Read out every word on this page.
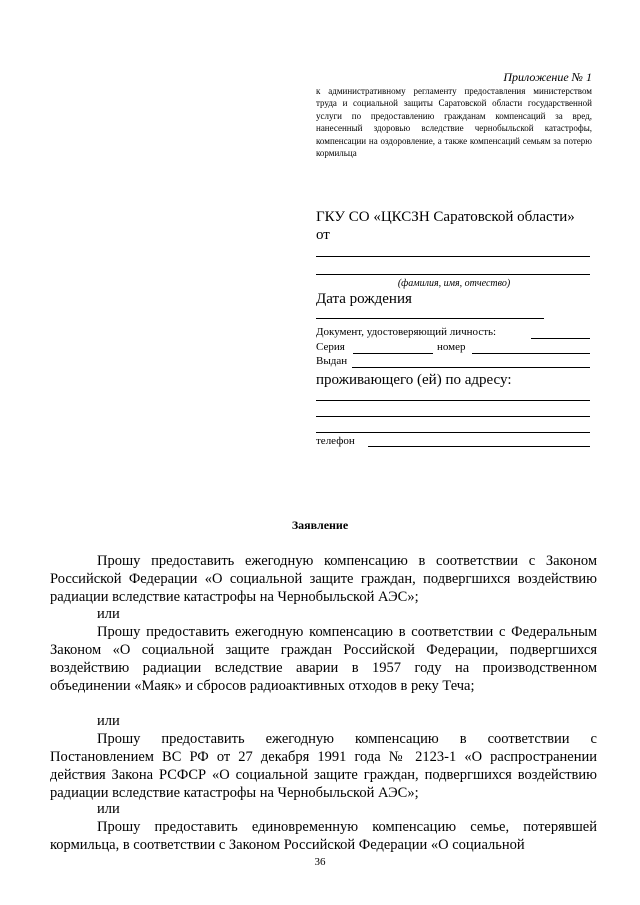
Приложение № 1
к административному регламенту предоставления министерством труда и социальной защиты Саратовской области государственной услуги по предоставлению гражданам компенсаций за вред, нанесенный здоровью вследствие чернобыльской катастрофы, компенсации на оздоровление, а также компенсаций семьям за потерю кормильца
ГКУ СО «ЦКСЗН Саратовской области»
от
(фамилия, имя, отчество)
Дата рождения
Документ, удостоверяющий личность:
Серия	номер
Выдан
проживающего (ей) по адресу:
телефон
Заявление
Прошу предоставить ежегодную компенсацию в соответствии с Законом Российской Федерации «О социальной защите граждан, подвергшихся воздействию радиации вследствие катастрофы на Чернобыльской АЭС»;
или
Прошу предоставить ежегодную компенсацию в соответствии с Федеральным Законом «О социальной защите граждан Российской Федерации, подвергшихся воздействию радиации вследствие аварии в 1957 году на производственном объединении «Маяк» и сбросов радиоактивных отходов в реку Теча;
или
Прошу предоставить ежегодную компенсацию в соответствии с Постановлением ВС РФ от 27 декабря 1991 года № 2123-1 «О распространении действия Закона РСФСР «О социальной защите граждан, подвергшихся воздействию радиации вследствие катастрофы на Чернобыльской АЭС»;
или
Прошу предоставить единовременную компенсацию семье, потерявшей кормильца, в соответствии с Законом Российской Федерации «О социальной
36
